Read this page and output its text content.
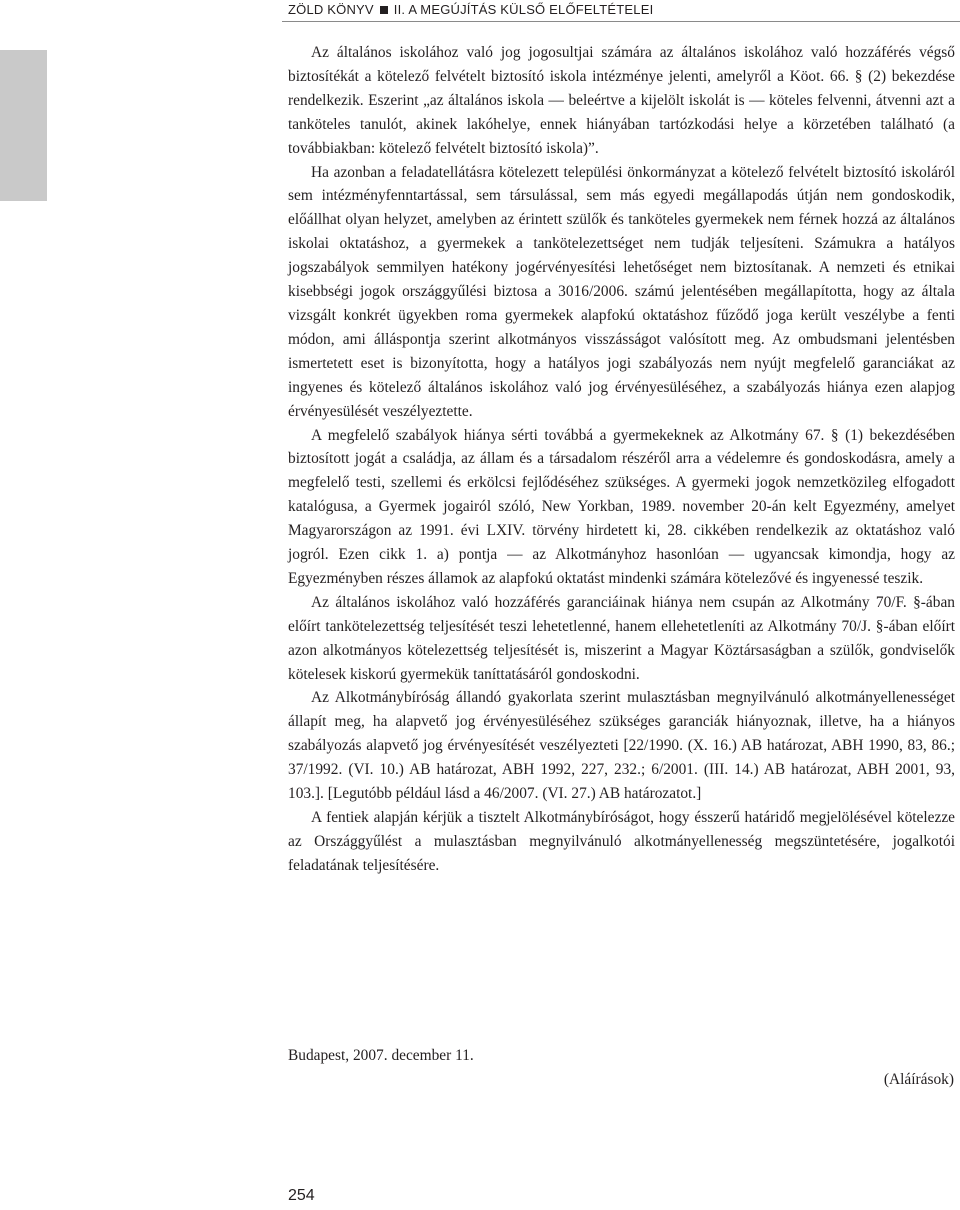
ZÖLD KÖNYV II. A MEGÚJÍTÁS KÜLSŐ ELŐFELTÉTELEI

Az általános iskolához való jog jogosultjai számára az általános iskolához való hozzáférés végső biztosítékát a kötelező felvételt biztosító iskola intézménye jelenti, amelyről a Köot. 66. § (2) bekezdése rendelkezik. Eszerint „az általános iskola — beleértve a kijelölt iskolát is — köteles felvenni, átvenni azt a tanköteles tanulót, akinek lakóhelye, ennek hiányában tartózkodási helye a körzetében található (a továbbiakban: kötelező felvételt biztosító iskola)”.

Ha azonban a feladatellátásra kötelezett települési önkormányzat a kötelező felvételt biztosító iskoláról sem intézményfenntartással, sem társulással, sem más egyedi megállapodás útján nem gondoskodik, előállhat olyan helyzet, amelyben az érintett szülők és tanköteles gyermekek nem férnek hozzá az általános iskolai oktatáshoz, a gyermekek a tankötelezettséget nem tudják teljesíteni. Számukra a hatályos jogszabályok semmilyen hatékony jogérvényesítési lehetőséget nem biztosítanak. A nemzeti és etnikai kisebbségi jogok országgyűlési biztosa a 3016/2006. számú jelentésében megállapította, hogy az általa vizsgált konkrét ügyekben roma gyermekek alapfokú oktatáshoz fűződő joga került veszélybe a fenti módon, ami álláspontja szerint alkotmányos visszásságot valósított meg. Az ombudsmani jelentésben ismertetett eset is bizonyította, hogy a hatályos jogi szabályozás nem nyújt megfelelő garanciákat az ingyenes és kötelező általános iskolához való jog érvényesüléséhez, a szabályozás hiánya ezen alapjog érvényesülését veszélyeztette.

A megfelelő szabályok hiánya sérti továbbá a gyermekeknek az Alkotmány 67. § (1) bekezdésében biztosított jogát a családja, az állam és a társadalom részéről arra a védelemre és gondoskodásra, amely a megfelelő testi, szellemi és erkölcsi fejlődéséhez szükséges. A gyermeki jogok nemzetközileg elfogadott katalógusa, a Gyermek jogairól szóló, New Yorkban, 1989. november 20-án kelt Egyezmény, amelyet Magyarországon az 1991. évi LXIV. törvény hirdetett ki, 28. cikkében rendelkezik az oktatáshoz való jogról. Ezen cikk 1. a) pontja — az Alkotmányhoz hasonlóan — ugyancsak kimondja, hogy az Egyezményben részes államok az alapfokú oktatást mindenki számára kötelezővé és ingyenessé teszik.

Az általános iskolához való hozzáférés garanciáinak hiánya nem csupán az Alkotmány 70/F. §-ában előírt tankötelezettség teljesítését teszi lehetetlenné, hanem ellehetetleníti az Alkotmány 70/J. §-ában előírt azon alkotmányos kötelezettség teljesítését is, miszerint a Magyar Köztársaságban a szülők, gondviselők kötelesek kiskorú gyermekük taníttatásáról gondoskodni.

Az Alkotmánybíróság állandó gyakorlata szerint mulasztásban megnyilvánuló alkotmányellenességet állapít meg, ha alapvető jog érvényesüléséhez szükséges garanciák hiányoznak, illetve, ha a hiányos szabályozás alapvető jog érvényesítését veszélyezteti [22/1990. (X. 16.) AB határozat, ABH 1990, 83, 86.; 37/1992. (VI. 10.) AB határozat, ABH 1992, 227, 232.; 6/2001. (III. 14.) AB határozat, ABH 2001, 93, 103.]. [Legutóbb például lásd a 46/2007. (VI. 27.) AB határozatot.]

A fentiek alapján kérjük a tisztelt Alkotmánybíróságot, hogy ésszerű határidő megjelölésével kötelezze az Országgyűlést a mulasztásban megnyilvánuló alkotmányellenesség megszüntetésére, jogalkotói feladatának teljesítésére.

Budapest, 2007. december 11.
(Aláírások)
254
